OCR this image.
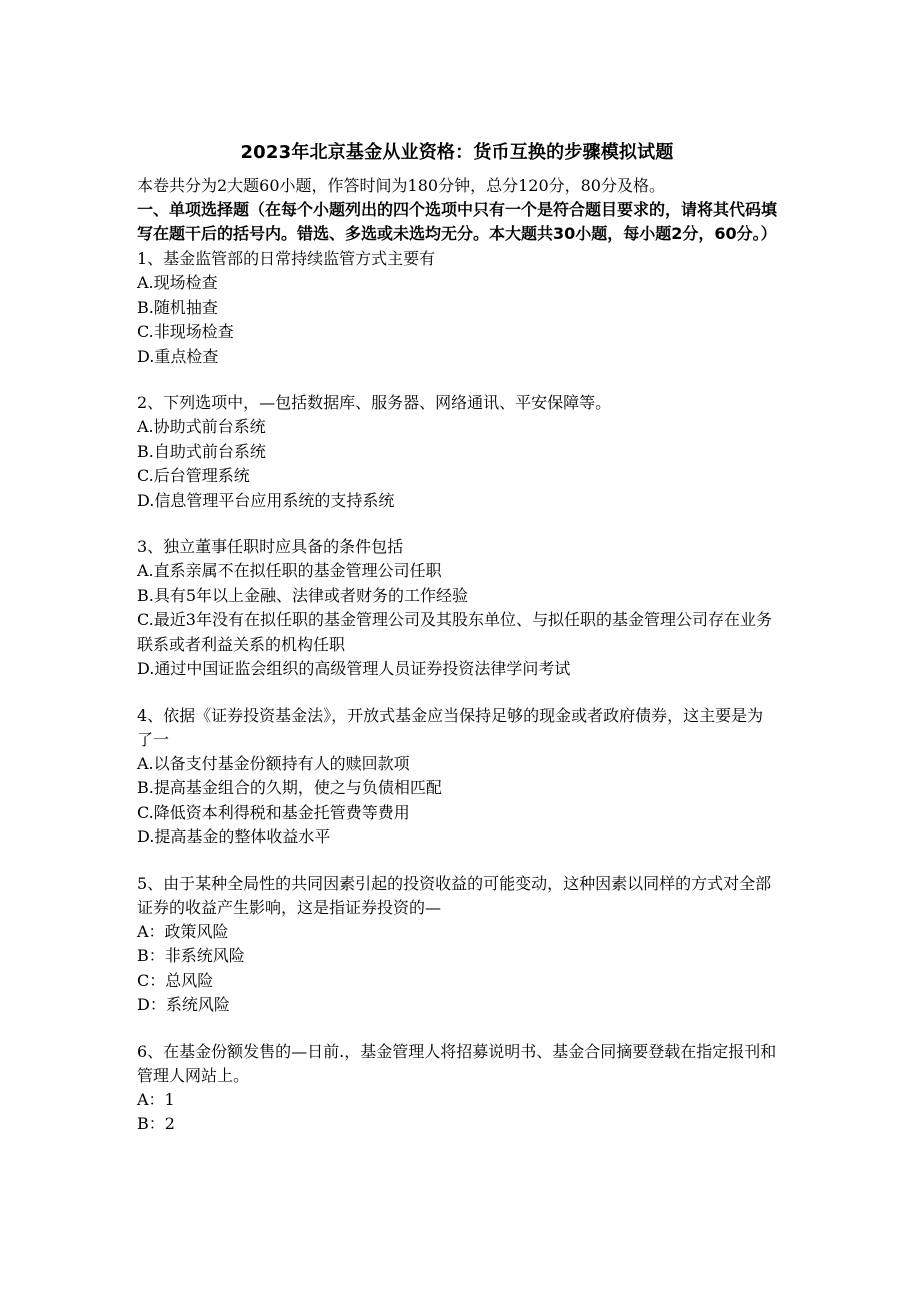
2023年北京基金从业资格：货币互换的步骤模拟试题

本卷共分为2大题60小题，作答时间为180分钟，总分120分，80分及格。

一、单项选择题（在每个小题列出的四个选项中只有一个是符合题目要求的，请将其代码填写在题干后的括号内。错选、多选或未选均无分。本大题共30小题，每小题2分，60分。）

1、基金监管部的日常持续监管方式主要有

A.现场检查
B.随机抽查
C.非现场检查
D.重点检查

2、下列选项中，—包括数据库、服务器、网络通讯、平安保障等。

A.协助式前台系统
B.自助式前台系统
C.后台管理系统
D.信息管理平台应用系统的支持系统

3、独立董事任职时应具备的条件包括

A.直系亲属不在拟任职的基金管理公司任职
B.具有5年以上金融、法律或者财务的工作经验
C.最近3年没有在拟任职的基金管理公司及其股东单位、与拟任职的基金管理公司存在业务联系或者利益关系的机构任职
D.通过中国证监会组织的高级管理人员证券投资法律学问考试

4、依据《证券投资基金法》，开放式基金应当保持足够的现金或者政府债券，这主要是为了一

A.以备支付基金份额持有人的赎回款项
B.提高基金组合的久期，使之与负债相匹配
C.降低资本利得税和基金托管费等费用
D.提高基金的整体收益水平

5、由于某种全局性的共同因素引起的投资收益的可能变动，这种因素以同样的方式对全部证券的收益产生影响，这是指证券投资的—

A：政策风险
B：非系统风险
C：总风险
D：系统风险

6、在基金份额发售的—日前.，基金管理人将招募说明书、基金合同摘要登载在指定报刊和管理人网站上。

A：1
B：2
